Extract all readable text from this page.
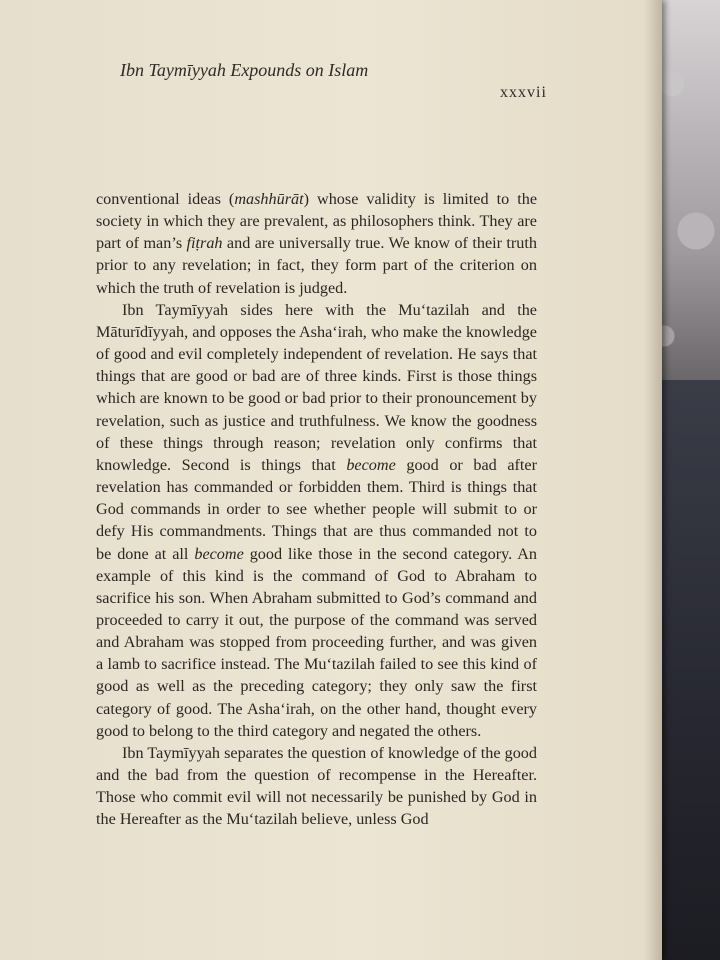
Ibn Taymīyyah Expounds on Islam
xxxvii

conventional ideas (mashhūrāt) whose validity is limited to the society in which they are prevalent, as philosophers think. They are part of man’s fiṭrah and are universally true. We know of their truth prior to any revelation; in fact, they form part of the criterion on which the truth of revelation is judged.

Ibn Taymīyyah sides here with the Mu‘tazilah and the Māturīdīyyah, and opposes the Asha‘irah, who make the knowledge of good and evil completely independent of revelation. He says that things that are good or bad are of three kinds. First is those things which are known to be good or bad prior to their pronouncement by revelation, such as justice and truthfulness. We know the goodness of these things through reason; revelation only confirms that knowledge. Second is things that become good or bad after revelation has commanded or forbidden them. Third is things that God commands in order to see whether people will submit to or defy His commandments. Things that are thus commanded not to be done at all become good like those in the second category. An example of this kind is the command of God to Abraham to sacrifice his son. When Abraham submitted to God’s command and proceeded to carry it out, the purpose of the command was served and Abraham was stopped from proceeding further, and was given a lamb to sacrifice instead. The Mu‘tazilah failed to see this kind of good as well as the preceding category; they only saw the first category of good. The Asha‘irah, on the other hand, thought every good to belong to the third category and negated the others.

Ibn Taymīyyah separates the question of knowledge of the good and the bad from the question of recompense in the Hereafter. Those who commit evil will not necessarily be punished by God in the Hereafter as the Mu‘tazilah believe, unless God
